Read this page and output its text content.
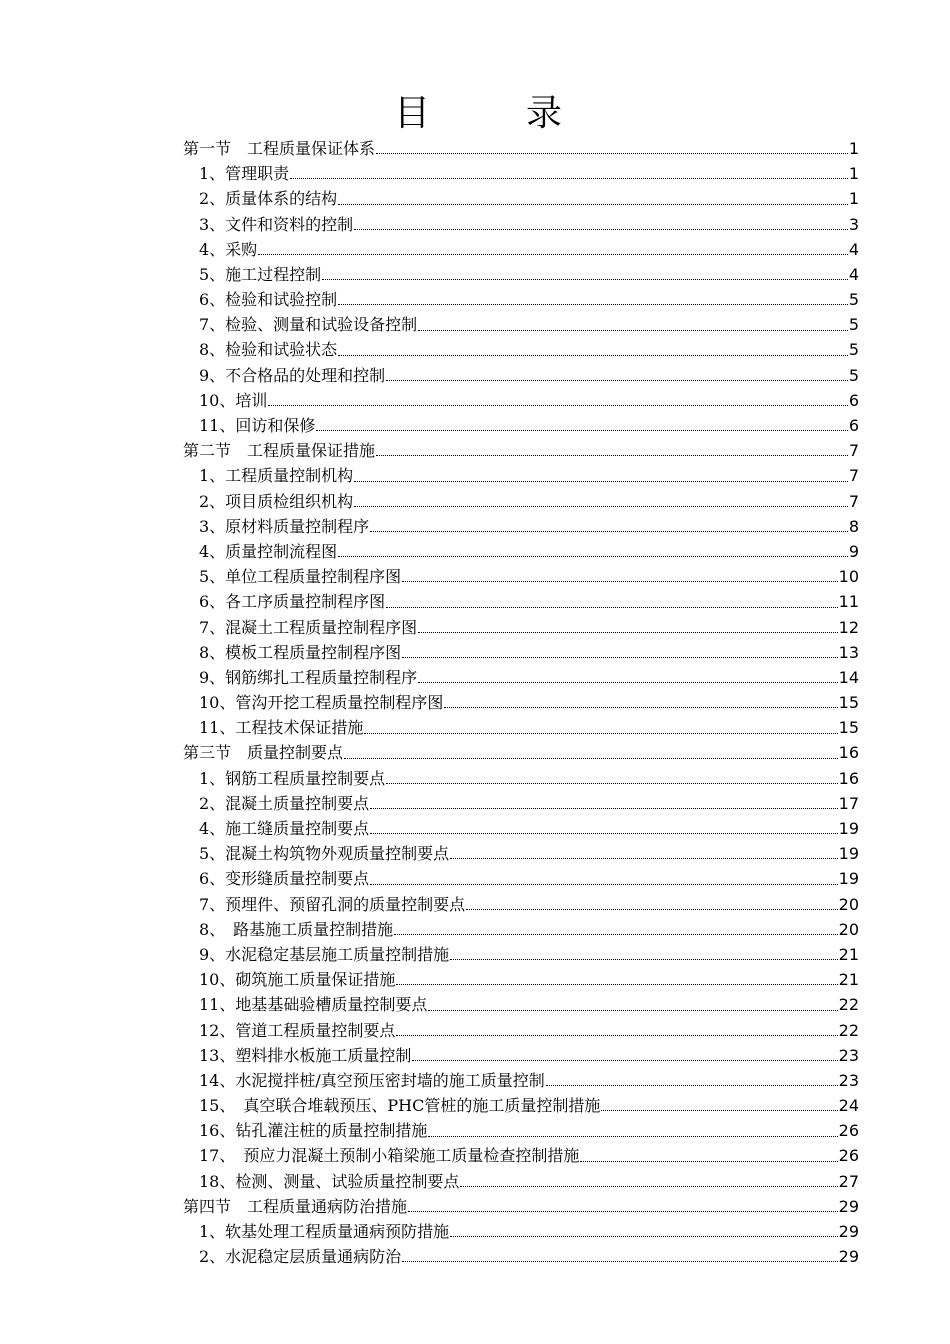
目　录
第一节　工程质量保证体系	1
1、管理职责	1
2、质量体系的结构	1
3、文件和资料的控制	3
4、采购	4
5、施工过程控制	4
6、检验和试验控制	5
7、检验、测量和试验设备控制	5
8、检验和试验状态	5
9、不合格品的处理和控制	5
10、培训	6
11、回访和保修	6
第二节　工程质量保证措施	7
1、工程质量控制机构	7
2、项目质检组织机构	7
3、原材料质量控制程序	8
4、质量控制流程图	9
5、单位工程质量控制程序图	10
6、各工序质量控制程序图	11
7、混凝土工程质量控制程序图	12
8、模板工程质量控制程序图	13
9、钢筋绑扎工程质量控制程序	14
10、管沟开挖工程质量控制程序图	15
11、工程技术保证措施	15
第三节　质量控制要点	16
1、钢筋工程质量控制要点	16
2、混凝土质量控制要点	17
4、施工缝质量控制要点	19
5、混凝土构筑物外观质量控制要点	19
6、变形缝质量控制要点	19
7、预埋件、预留孔洞的质量控制要点	20
8、　路基施工质量控制措施	20
9、水泥稳定基层施工质量控制措施	21
10、砌筑施工质量保证措施	21
11、地基基础验槽质量控制要点	22
12、管道工程质量控制要点	22
13、塑料排水板施工质量控制	23
14、水泥搅拌桩/真空预压密封墙的施工质量控制	23
15、　真空联合堆载预压、PHC管桩的施工质量控制措施	24
16、钻孔灌注桩的质量控制措施	26
17、　预应力混凝土预制小箱梁施工质量检查控制措施	26
18、检测、测量、试验质量控制要点	27
第四节　工程质量通病防治措施	29
1、软基处理工程质量通病预防措施	29
2、水泥稳定层质量通病防治	29
